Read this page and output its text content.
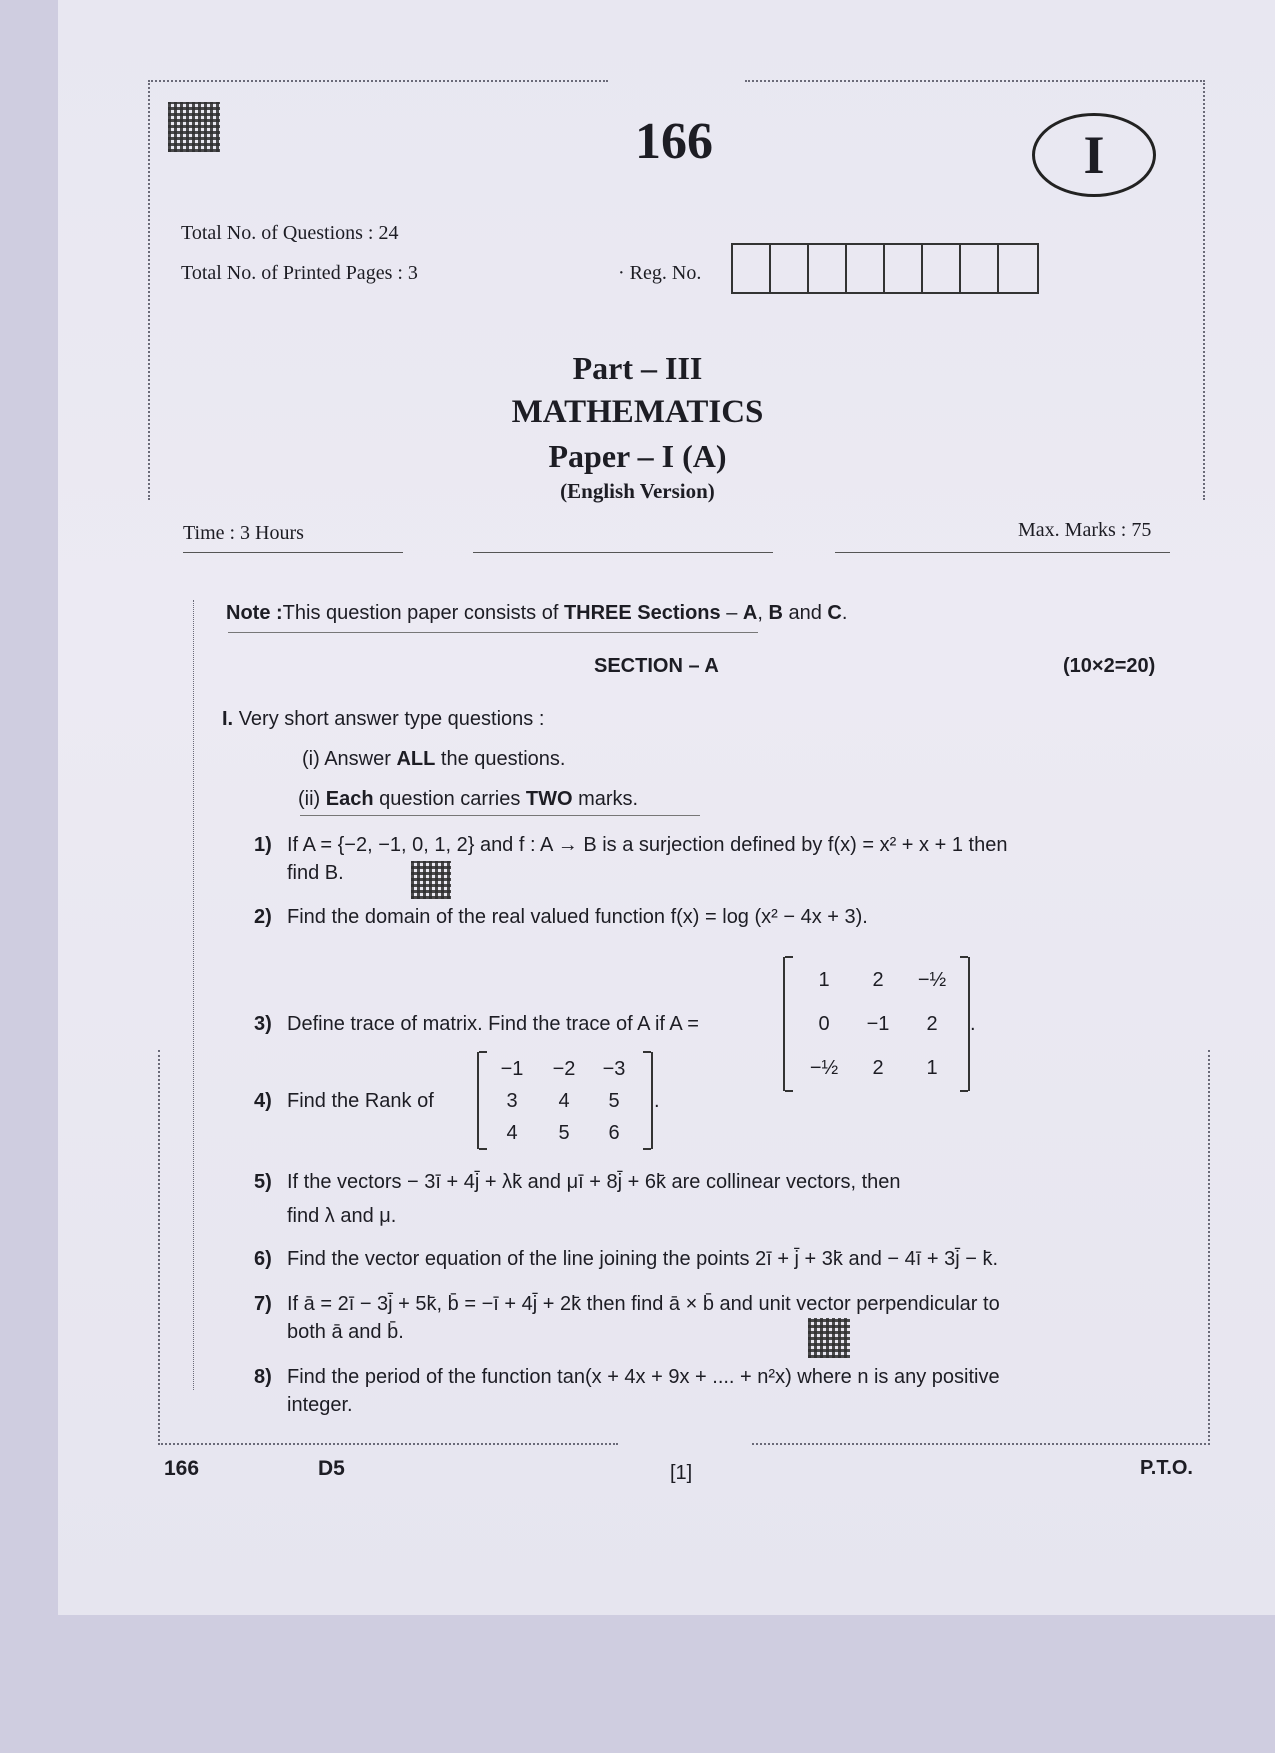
166	I
Total No. of Questions : 24
Total No. of Printed Pages : 3	· Reg. No.
Part – III
MATHEMATICS
Paper – I (A)
(English Version)
Time : 3 Hours	Max. Marks : 75
Note :This question paper consists of THREE Sections – A, B and C.
SECTION – A	(10×2=20)
I. Very short answer type questions :
(i) Answer ALL the questions.
(ii) Each question carries TWO marks.
1) If A = {−2, −1, 0, 1, 2} and f : A → B is a surjection defined by f(x) = x² + x + 1 then
find B.
2) Find the domain of the real valued function f(x) = log (x² − 4x + 3).
3) Define trace of matrix. Find the trace of A if A =
1	2	−½
0	−1	2
−½	2	1
.
4) Find the Rank of
−1	−2	−3
3	4	5
4	5	6
.
5) If the vectors − 3ī + 4j̄ + λk̄ and μī + 8j̄ + 6k̄ are collinear vectors, then
find λ and μ.
6) Find the vector equation of the line joining the points 2ī + j̄ + 3k̄ and − 4ī + 3j̄ − k̄.
7) If ā = 2ī − 3j̄ + 5k̄, b̄ = −ī + 4j̄ + 2k̄ then find ā × b̄ and unit vector perpendicular to
both ā and b̄.
8) Find the period of the function tan(x + 4x + 9x + .... + n²x) where n is any positive
integer.
166	D5	[1]	P.T.O.
